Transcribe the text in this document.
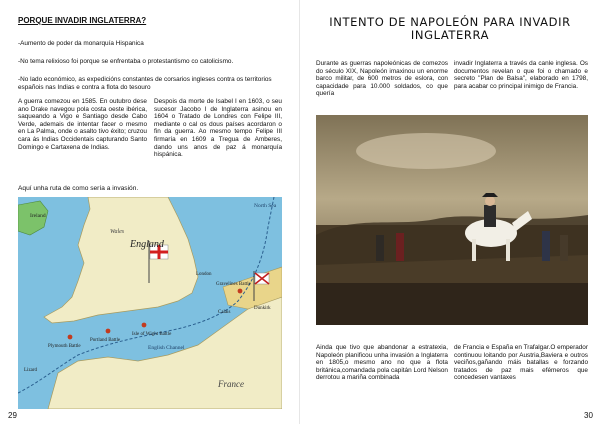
PORQUE INVADIR INGLATERRA?

-Aumento de poder da monarquía Hispanica

-No tema relixioso foi porque se enfrentaba o protestantismo co catolicismo.

-No lado económico, as expedicións constantes de corsarios ingleses contra os territorios españois nas Indias e contra a flota do tesouro

A guerra comezou en 1585. En outubro dese ano Drake navegou pola costa oeste ibérica, saqueando a Vigo e Santiago desde Cabo Verde, ademais de intentar facer o mesmo en La Palma, onde o asalto tivo éxito; cruzou cara ás Indias Occidentais capturando Santo Domingo e Cartaxena de Indias.

Despois da morte de Isabel I en 1603, o seu sucesor Jacobo I de Inglaterra asinou en 1604 o Tratado de Londres con Felipe III, mediante o cal os dous países acordaron o fin da guerra. Ao mesmo tempo Felipe III firmaría en 1609 a Tregua de Amberes, dando uns anos de paz á monarquía hispánica.

Aquí unha ruta de como sería a invasión.

Ireland
Wales
England
North Sea
London
Plymouth Battle
Portland Battle
Isle of Wight Battle
English Channel
Gravelines Battle
Calais
Dunkirk
France
Lizard

29

INTENTO DE NAPOLEÓN PARA INVADIR INGLATERRA

Durante as guerras napoleónicas de comezos do século XIX, Napoleón imaxinou un enorme barco militar, de 600 metros de eslora, con capacidade para 10.000 soldados, co que quería

invadir Inglaterra a través da canle inglesa. Os documentos revelan o que foi o chamado e secreto "Plan de Balsa", elaborado en 1798, para acabar co principal inimigo de Francia.

Ainda que tivo que abandonar a estratexia, Napoleón planificou unha invasión a Inglaterra en 1805,o mesmo ano no que a flota británica,comandada pola capitán Lord Nelson derrotou a mariña combinada

de Francia e España en Trafalgar.O emperador continuou loitando por Austria,Baviera e outros veciños,gañando máis batallas e forzando tratados de paz mais efémeros que concedesen vantaxes

30
